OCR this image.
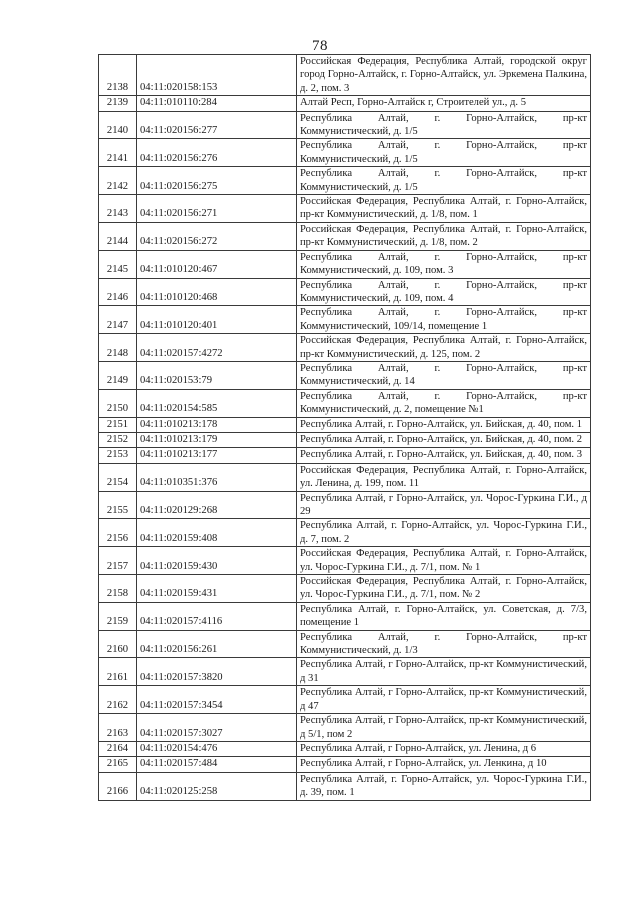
78
2138	04:11:020158:153	Российская Федерация, Республика Алтай, городской округ город Горно-Алтайск, г. Горно-Алтайск, ул. Эркемена Палкина, д. 2, пом. 3
2139	04:11:010110:284	Алтай Респ, Горно-Алтайск г, Строителей ул., д. 5
2140	04:11:020156:277	Республика Алтай, г. Горно-Алтайск, пр-кт Коммунистический, д. 1/5
2141	04:11:020156:276	Республика Алтай, г. Горно-Алтайск, пр-кт Коммунистический, д. 1/5
2142	04:11:020156:275	Республика Алтай, г. Горно-Алтайск, пр-кт Коммунистический, д. 1/5
2143	04:11:020156:271	Российская Федерация, Республика Алтай, г. Горно-Алтайск, пр-кт Коммунистический, д. 1/8, пом. 1
2144	04:11:020156:272	Российская Федерация, Республика Алтай, г. Горно-Алтайск, пр-кт Коммунистический, д. 1/8, пом. 2
2145	04:11:010120:467	Республика Алтай, г. Горно-Алтайск, пр-кт Коммунистический, д. 109, пом. 3
2146	04:11:010120:468	Республика Алтай, г. Горно-Алтайск, пр-кт Коммунистический, д. 109, пом. 4
2147	04:11:010120:401	Республика Алтай, г. Горно-Алтайск, пр-кт Коммунистический, 109/14, помещение 1
2148	04:11:020157:4272	Российская Федерация, Республика Алтай, г. Горно-Алтайск, пр-кт Коммунистический, д. 125, пом. 2
2149	04:11:020153:79	Республика Алтай, г. Горно-Алтайск, пр-кт Коммунистический, д. 14
2150	04:11:020154:585	Республика Алтай, г. Горно-Алтайск, пр-кт Коммунистический, д. 2, помещение №1
2151	04:11:010213:178	Республика Алтай, г. Горно-Алтайск, ул. Бийская, д. 40, пом. 1
2152	04:11:010213:179	Республика Алтай, г. Горно-Алтайск, ул. Бийская, д. 40, пом. 2
2153	04:11:010213:177	Республика Алтай, г. Горно-Алтайск, ул. Бийская, д. 40, пом. 3
2154	04:11:010351:376	Российская Федерация, Республика Алтай, г. Горно-Алтайск, ул. Ленина, д. 199, пом. 11
2155	04:11:020129:268	Республика Алтай, г Горно-Алтайск, ул. Чорос-Гуркина Г.И., д 29
2156	04:11:020159:408	Республика Алтай, г. Горно-Алтайск, ул. Чорос-Гуркина Г.И., д. 7, пом. 2
2157	04:11:020159:430	Российская Федерация, Республика Алтай, г. Горно-Алтайск, ул. Чорос-Гуркина Г.И., д. 7/1, пом. № 1
2158	04:11:020159:431	Российская Федерация, Республика Алтай, г. Горно-Алтайск, ул. Чорос-Гуркина Г.И., д. 7/1, пом. № 2
2159	04:11:020157:4116	Республика Алтай, г. Горно-Алтайск, ул. Советская, д. 7/3, помещение 1
2160	04:11:020156:261	Республика Алтай, г. Горно-Алтайск, пр-кт Коммунистический, д. 1/3
2161	04:11:020157:3820	Республика Алтай, г Горно-Алтайск, пр-кт Коммунистический, д 31
2162	04:11:020157:3454	Республика Алтай, г Горно-Алтайск, пр-кт Коммунистический, д 47
2163	04:11:020157:3027	Республика Алтай, г Горно-Алтайск, пр-кт Коммунистический, д 5/1, пом 2
2164	04:11:020154:476	Республика Алтай, г Горно-Алтайск, ул. Ленина, д 6
2165	04:11:020157:484	Республика Алтай, г Горно-Алтайск, ул. Ленкина, д 10
2166	04:11:020125:258	Республика Алтай, г. Горно-Алтайск, ул. Чорос-Гуркина Г.И., д. 39, пом. 1
